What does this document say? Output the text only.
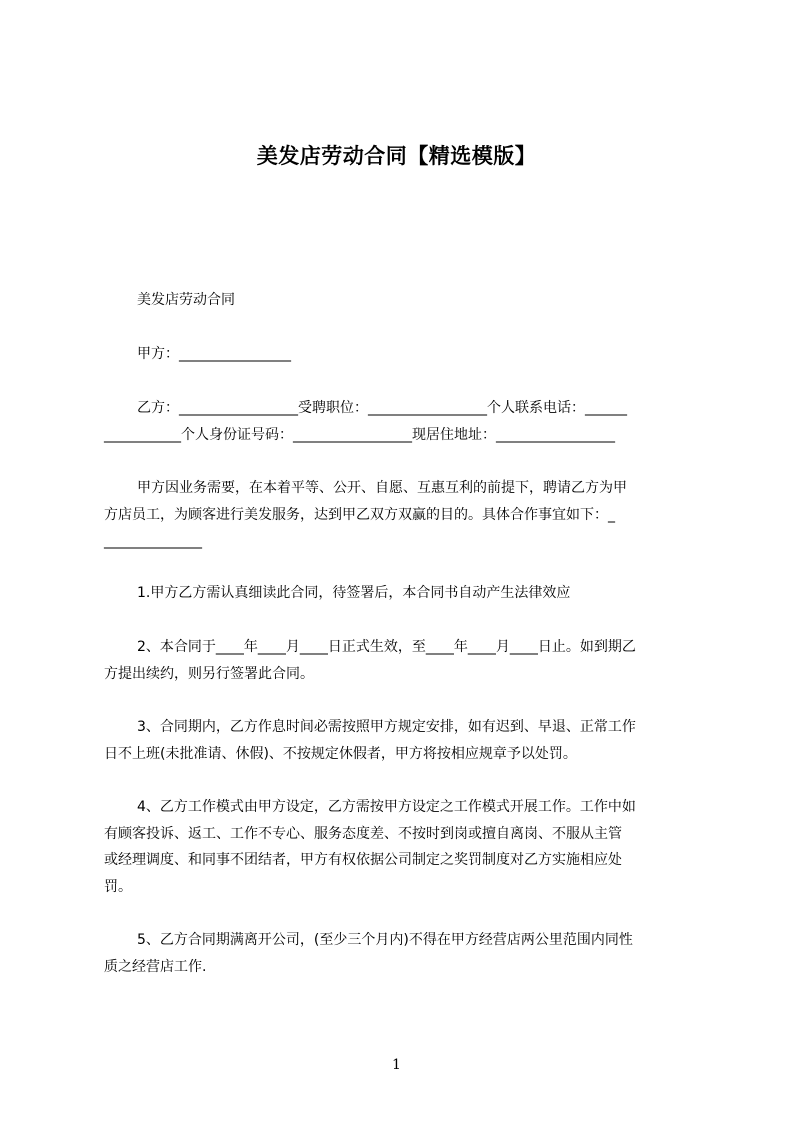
美发店劳动合同【精选模版】
美发店劳动合同
甲方：________________
乙方：_________________受聘职位：_________________个人联系电话：______
___________个人身份证号码：_________________现居住地址：_________________
甲方因业务需要，在本着平等、公开、自愿、互惠互利的前提下，聘请乙方为甲
方店员工，为顾客进行美发服务，达到甲乙双方双赢的目的。具体合作事宜如下：_
______________
1.甲方乙方需认真细读此合同，待签署后，本合同书自动产生法律效应
2、本合同于____年____月____日正式生效，至____年____月____日止。如到期乙
方提出续约，则另行签署此合同。
3、合同期内，乙方作息时间必需按照甲方规定安排，如有迟到、早退、正常工作
日不上班(未批准请、休假)、不按规定休假者，甲方将按相应规章予以处罚。
4、乙方工作模式由甲方设定，乙方需按甲方设定之工作模式开展工作。工作中如
有顾客投诉、返工、工作不专心、服务态度差、不按时到岗或擅自离岗、不服从主管
或经理调度、和同事不团结者，甲方有权依据公司制定之奖罚制度对乙方实施相应处
罚。
5、乙方合同期满离开公司，(至少三个月内)不得在甲方经营店两公里范围内同性
质之经营店工作.
1
